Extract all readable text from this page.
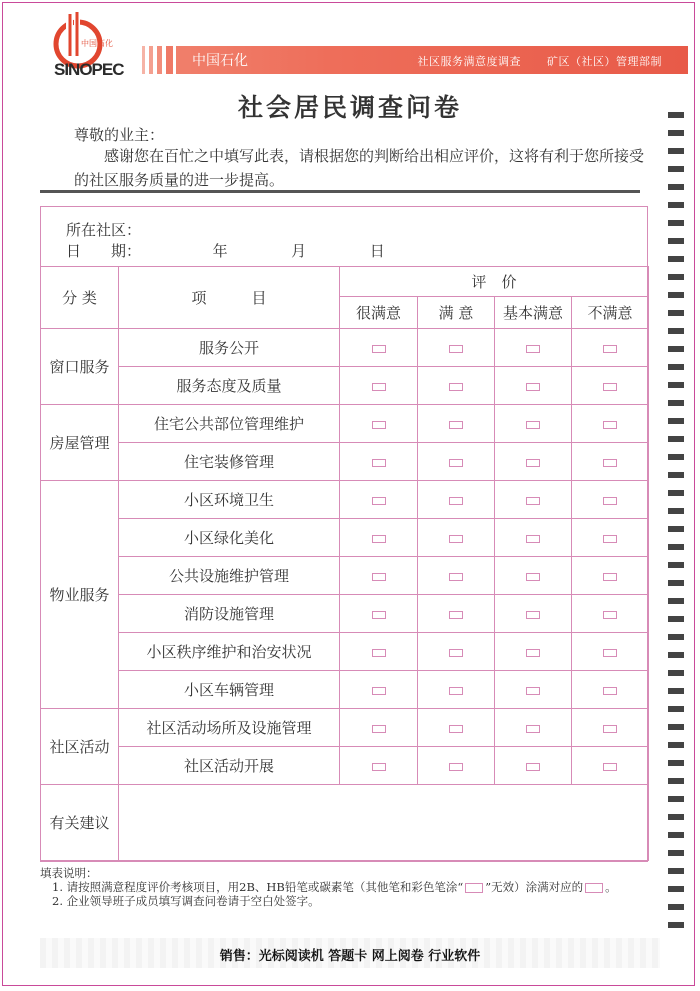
中国石化
SINOPEC	中国石化	社区服务满意度调查 矿区（社区）管理部制
社会居民调查问卷
尊敬的业主：
感谢您在百忙之中填写此表，请根据您的判断给出相应评价，这将有利于您所接受的社区服务质量的进一步提高。
所在社区：
日　　期：	年	月	日
分 类	项　　　目	评　价			
		很满意	满 意	基本满意	不满意
窗口服务	服务公开				
	服务态度及质量				
房屋管理	住宅公共部位管理维护				
	住宅装修管理				
物业服务	小区环境卫生				
	小区绿化美化				
	公共设施维护管理				
	消防设施管理				
	小区秩序维护和治安状况				
	小区车辆管理				
社区活动	社区活动场所及设施管理				
	社区活动开展				
有关建议					
填表说明：
1. 请按照满意程度评价考核项目，用2B、HB铅笔或碳素笔（其他笔和彩色笔涂“ ”无效）涂满对应的 。
2. 企业领导班子成员填写调查问卷请于空白处签字。
销售：光标阅读机 答题卡 网上阅卷 行业软件
